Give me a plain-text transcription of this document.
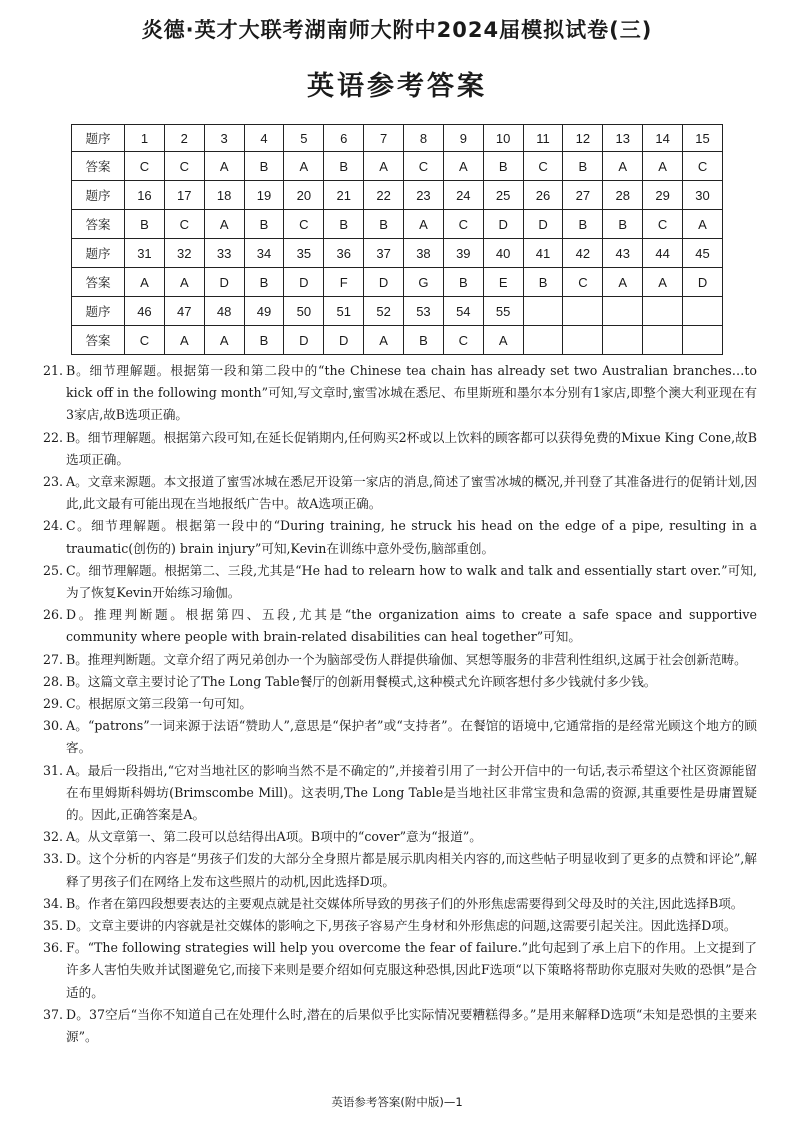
炎德·英才大联考湖南师大附中2024届模拟试卷(三)
英语参考答案
题序	1	2	3	4	5	6	7	8	9	10	11	12	13	14	15
答案	C	C	A	B	A	B	A	C	A	B	C	B	A	A	C
题序	16	17	18	19	20	21	22	23	24	25	26	27	28	29	30
答案	B	C	A	B	C	B	B	A	C	D	D	B	B	C	A
题序	31	32	33	34	35	36	37	38	39	40	41	42	43	44	45
答案	A	A	D	B	D	F	D	G	B	E	B	C	A	A	D
题序	46	47	48	49	50	51	52	53	54	55					
答案	C	A	A	B	D	D	A	B	C	A					
21. B。细节理解题。根据第一段和第二段中的“the Chinese tea chain has already set two Australian branches…to kick off in the following month”可知,写文章时,蜜雪冰城在悉尼、布里斯班和墨尔本分别有1家店,即整个澳大利亚现在有3家店,故B选项正确。
22. B。细节理解题。根据第六段可知,在延长促销期内,任何购买2杯或以上饮料的顾客都可以获得免费的Mixue King Cone,故B选项正确。
23. A。文章来源题。本文报道了蜜雪冰城在悉尼开设第一家店的消息,简述了蜜雪冰城的概况,并刊登了其准备进行的促销计划,因此,此文最有可能出现在当地报纸广告中。故A选项正确。
24. C。细节理解题。根据第一段中的“During training, he struck his head on the edge of a pipe, resulting in a traumatic(创伤的) brain injury”可知,Kevin在训练中意外受伤,脑部重创。
25. C。细节理解题。根据第二、三段,尤其是“He had to relearn how to walk and talk and essentially start over.”可知,为了恢复Kevin开始练习瑜伽。
26. D。推理判断题。根据第四、五段,尤其是“the organization aims to create a safe space and supportive community where people with brain-related disabilities can heal together”可知。
27. B。推理判断题。文章介绍了两兄弟创办一个为脑部受伤人群提供瑜伽、冥想等服务的非营利性组织,这属于社会创新范畴。
28. B。这篇文章主要讨论了The Long Table餐厅的创新用餐模式,这种模式允许顾客想付多少钱就付多少钱。
29. C。根据原文第三段第一句可知。
30. A。“patrons”一词来源于法语“赞助人”,意思是“保护者”或“支持者”。在餐馆的语境中,它通常指的是经常光顾这个地方的顾客。
31. A。最后一段指出,“它对当地社区的影响当然不是不确定的”,并接着引用了一封公开信中的一句话,表示希望这个社区资源能留在布里姆斯科姆坊(Brimscombe Mill)。这表明,The Long Table是当地社区非常宝贵和急需的资源,其重要性是毋庸置疑的。因此,正确答案是A。
32. A。从文章第一、第二段可以总结得出A项。B项中的“cover”意为“报道”。
33. D。这个分析的内容是“男孩子们发的大部分全身照片都是展示肌肉相关内容的,而这些帖子明显收到了更多的点赞和评论”,解释了男孩子们在网络上发布这些照片的动机,因此选择D项。
34. B。作者在第四段想要表达的主要观点就是社交媒体所导致的男孩子们的外形焦虑需要得到父母及时的关注,因此选择B项。
35. D。文章主要讲的内容就是社交媒体的影响之下,男孩子容易产生身材和外形焦虑的问题,这需要引起关注。因此选择D项。
36. F。“The following strategies will help you overcome the fear of failure.”此句起到了承上启下的作用。上文提到了许多人害怕失败并试图避免它,而接下来则是要介绍如何克服这种恐惧,因此F选项“以下策略将帮助你克服对失败的恐惧”是合适的。
37. D。37空后“当你不知道自己在处理什么时,潜在的后果似乎比实际情况要糟糕得多。”是用来解释D选项“未知是恐惧的主要来源”。
英语参考答案(附中版)—1
